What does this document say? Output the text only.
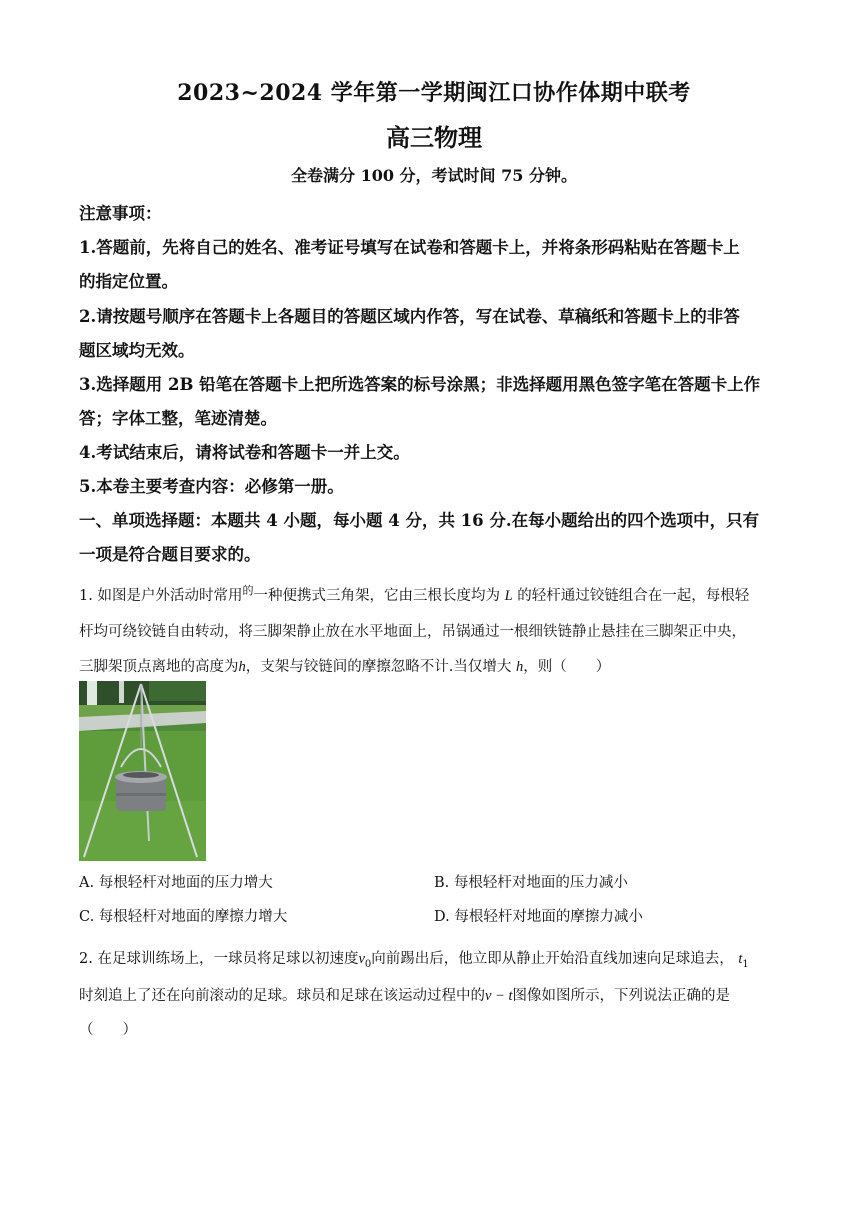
2023~2024 学年第一学期闽江口协作体期中联考
高三物理
全卷满分 100 分，考试时间 75 分钟。
注意事项：
1.答题前，先将自己的姓名、准考证号填写在试卷和答题卡上，并将条形码粘贴在答题卡上
的指定位置。
2.请按题号顺序在答题卡上各题目的答题区域内作答，写在试卷、草稿纸和答题卡上的非答
题区域均无效。
3.选择题用 2B 铅笔在答题卡上把所选答案的标号涂黑；非选择题用黑色签字笔在答题卡上作
答；字体工整，笔迹清楚。
4.考试结束后，请将试卷和答题卡一并上交。
5.本卷主要考查内容：必修第一册。
一、单项选择题：本题共 4 小题，每小题 4 分，共 16 分.在每小题给出的四个选项中，只有
一项是符合题目要求的。
1. 如图是户外活动时常用$^的$一种便携式三角架，它由三根长度均为 L 的轻杆通过铰链组合在一起，每根轻
杆均可绕铰链自由转动，将三脚架静止放在水平地面上，吊锅通过一根细铁链静止悬挂在三脚架正中央，
三脚架顶点离地的高度为h，支架与铰链间的摩擦忽略不计.当仅增大 h，则（　　）
A. 每根轻杆对地面的压力增大	B. 每根轻杆对地面的压力减小
C. 每根轻杆对地面的摩擦力增大	D. 每根轻杆对地面的摩擦力减小
2. 在足球训练场上，一球员将足球以初速度$v_0$向前踢出后，他立即从静止开始沿直线加速向足球追去， $t_1$
时刻追上了还在向前滚动的足球。球员和足球在该运动过程中的v − t图像如图所示，下列说法正确的是
（　　）
